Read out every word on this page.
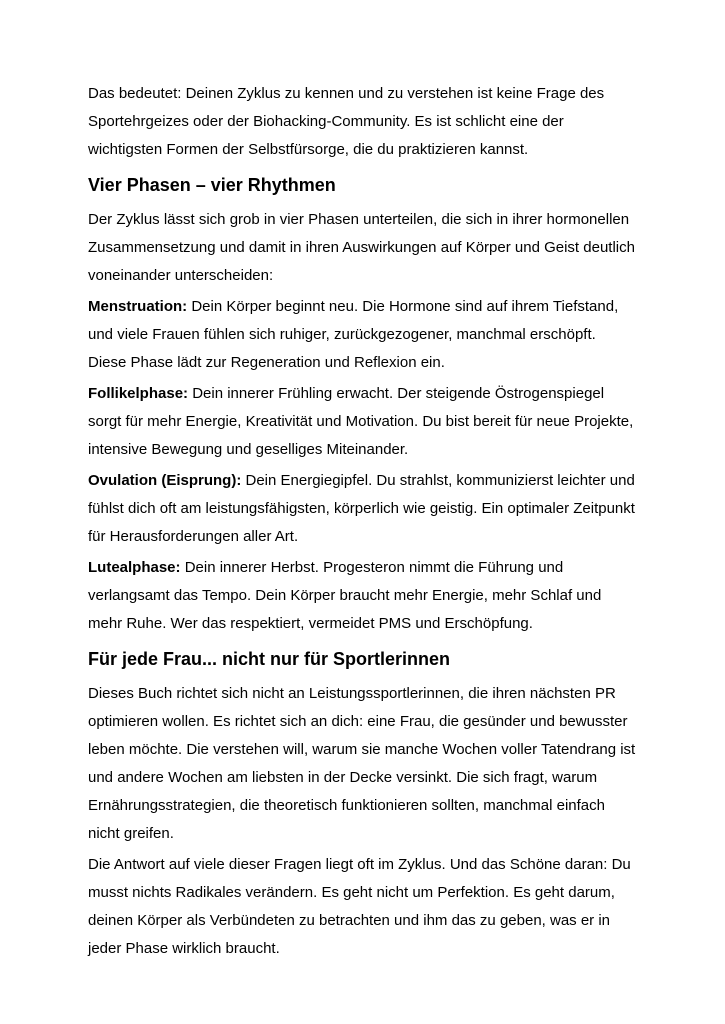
Das bedeutet: Deinen Zyklus zu kennen und zu verstehen ist keine Frage des Sportehrgeizes oder der Biohacking-Community. Es ist schlicht eine der wichtigsten Formen der Selbstfürsorge, die du praktizieren kannst.

Vier Phasen – vier Rhythmen

Der Zyklus lässt sich grob in vier Phasen unterteilen, die sich in ihrer hormonellen Zusammensetzung und damit in ihren Auswirkungen auf Körper und Geist deutlich voneinander unterscheiden:

Menstruation: Dein Körper beginnt neu. Die Hormone sind auf ihrem Tiefstand, und viele Frauen fühlen sich ruhiger, zurückgezogener, manchmal erschöpft. Diese Phase lädt zur Regeneration und Reflexion ein.

Follikelphase: Dein innerer Frühling erwacht. Der steigende Östrogenspiegel sorgt für mehr Energie, Kreativität und Motivation. Du bist bereit für neue Projekte, intensive Bewegung und geselliges Miteinander.

Ovulation (Eisprung): Dein Energiegipfel. Du strahlst, kommunizierst leichter und fühlst dich oft am leistungsfähigsten, körperlich wie geistig. Ein optimaler Zeitpunkt für Herausforderungen aller Art.

Lutealphase: Dein innerer Herbst. Progesteron nimmt die Führung und verlangsamt das Tempo. Dein Körper braucht mehr Energie, mehr Schlaf und mehr Ruhe. Wer das respektiert, vermeidet PMS und Erschöpfung.

Für jede Frau... nicht nur für Sportlerinnen

Dieses Buch richtet sich nicht an Leistungssportlerinnen, die ihren nächsten PR optimieren wollen. Es richtet sich an dich: eine Frau, die gesünder und bewusster leben möchte. Die verstehen will, warum sie manche Wochen voller Tatendrang ist und andere Wochen am liebsten in der Decke versinkt. Die sich fragt, warum Ernährungsstrategien, die theoretisch funktionieren sollten, manchmal einfach nicht greifen.

Die Antwort auf viele dieser Fragen liegt oft im Zyklus. Und das Schöne daran: Du musst nichts Radikales verändern. Es geht nicht um Perfektion. Es geht darum, deinen Körper als Verbündeten zu betrachten und ihm das zu geben, was er in jeder Phase wirklich braucht.
